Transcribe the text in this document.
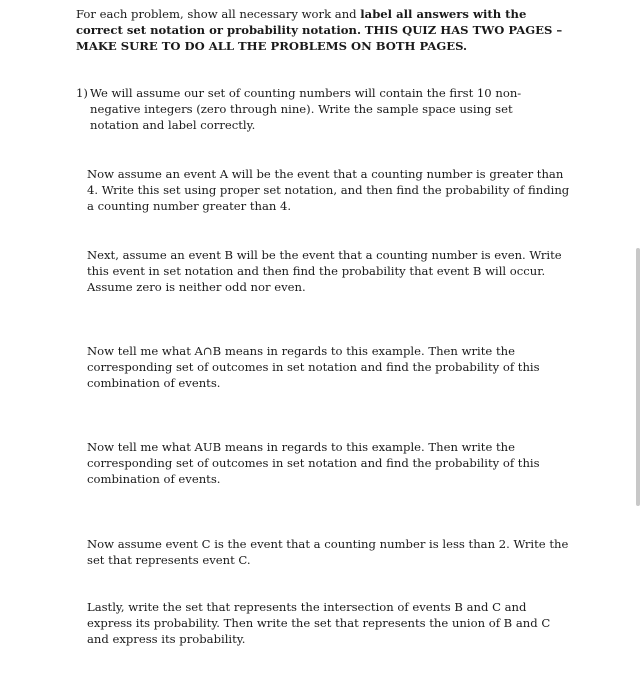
For each problem, show all necessary work and label all answers with the correct set notation or probability notation. THIS QUIZ HAS TWO PAGES – MAKE SURE TO DO ALL THE PROBLEMS ON BOTH PAGES.

1) We will assume our set of counting numbers will contain the first 10 non-negative integers (zero through nine). Write the sample space using set notation and label correctly.

Now assume an event A will be the event that a counting number is greater than 4. Write this set using proper set notation, and then find the probability of finding a counting number greater than 4.

Next, assume an event B will be the event that a counting number is even. Write this event in set notation and then find the probability that event B will occur. Assume zero is neither odd nor even.

Now tell me what A∩B means in regards to this example. Then write the corresponding set of outcomes in set notation and find the probability of this combination of events.

Now tell me what AUB means in regards to this example. Then write the corresponding set of outcomes in set notation and find the probability of this combination of events.

Now assume event C is the event that a counting number is less than 2. Write the set that represents event C.

Lastly, write the set that represents the intersection of events B and C and express its probability. Then write the set that represents the union of B and C and express its probability.
